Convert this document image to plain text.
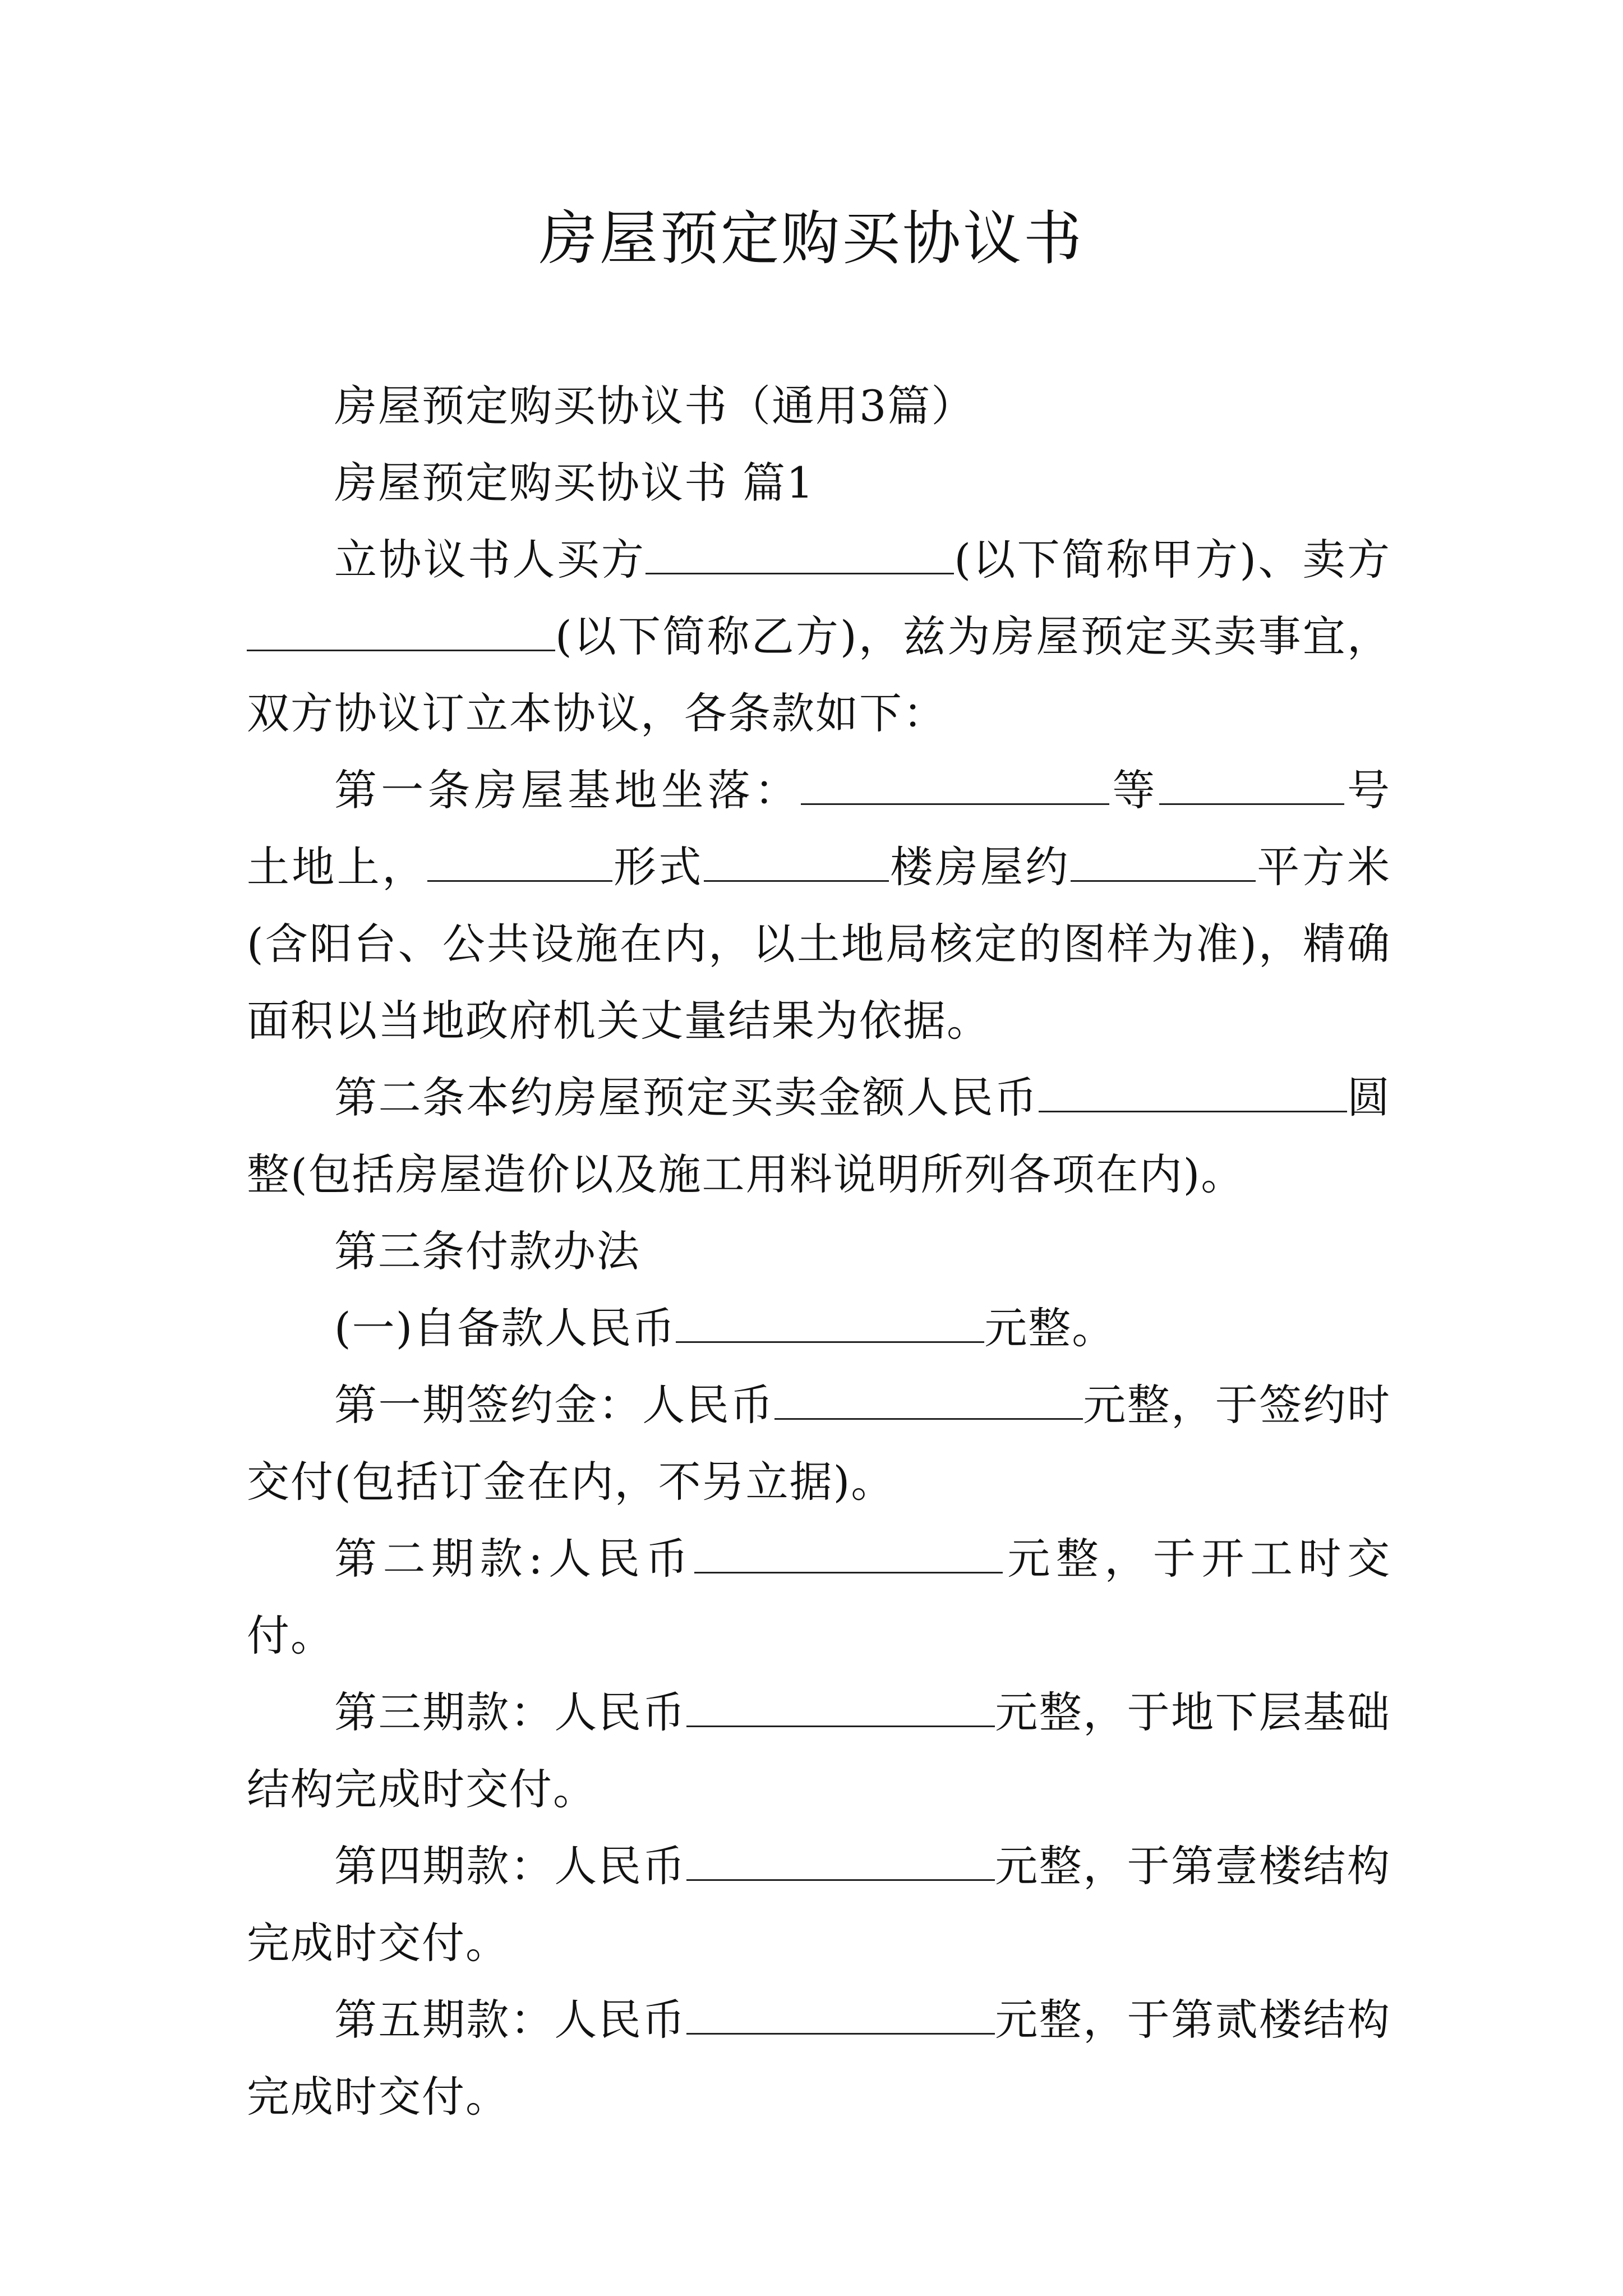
房屋预定购买协议书

房屋预定购买协议书（通用3篇）

房屋预定购买协议书 篇1

立协议书人买方	(以下简称甲方)、卖方(以下简称乙方)，兹为房屋预定买卖事宜，双方协议订立本协议，各条款如下：

第一条房屋基地坐落：	等	号土地上，	形式	楼房屋约	平方米(含阳台、公共设施在内，以土地局核定的图样为准)，精确面积以当地政府机关丈量结果为依据。

第二条本约房屋预定买卖金额人民币	圆整(包括房屋造价以及施工用料说明所列各项在内)。

第三条付款办法

(一)自备款人民币	元整。

第一期签约金：人民币	元整，于签约时交付(包括订金在内，不另立据)。

第二期款:人民币	元整，于开工时交付。

第三期款：人民币	元整，于地下层基础结构完成时交付。

第四期款：人民币	元整，于第壹楼结构完成时交付。

第五期款：人民币	元整，于第贰楼结构完成时交付。
